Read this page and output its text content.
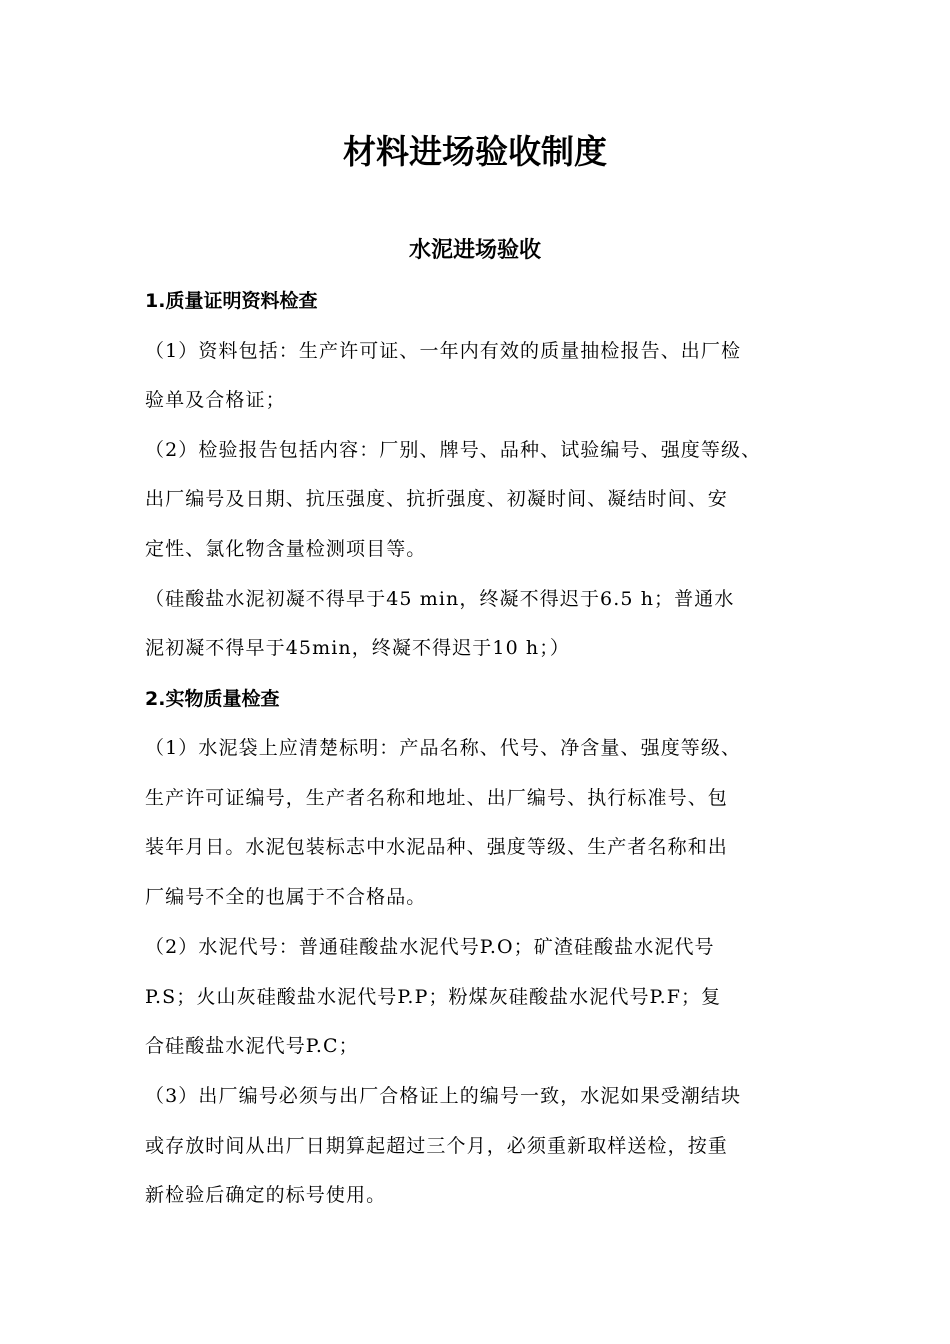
材料进场验收制度
水泥进场验收
1.质量证明资料检查
（1）资料包括：生产许可证、一年内有效的质量抽检报告、出厂检
验单及合格证；
（2）检验报告包括内容：厂别、牌号、品种、试验编号、强度等级、
出厂编号及日期、抗压强度、抗折强度、初凝时间、凝结时间、安
定性、氯化物含量检测项目等。
（硅酸盐水泥初凝不得早于45 min，终凝不得迟于6.5 h；普通水
泥初凝不得早于45min，终凝不得迟于10 h；）
2.实物质量检查
（1）水泥袋上应清楚标明：产品名称、代号、净含量、强度等级、
生产许可证编号，生产者名称和地址、出厂编号、执行标准号、包
装年月日。水泥包装标志中水泥品种、强度等级、生产者名称和出
厂编号不全的也属于不合格品。
（2）水泥代号：普通硅酸盐水泥代号P.O；矿渣硅酸盐水泥代号
P.S；火山灰硅酸盐水泥代号P.P；粉煤灰硅酸盐水泥代号P.F；复
合硅酸盐水泥代号P.C；
（3）出厂编号必须与出厂合格证上的编号一致，水泥如果受潮结块
或存放时间从出厂日期算起超过三个月，必须重新取样送检，按重
新检验后确定的标号使用。
